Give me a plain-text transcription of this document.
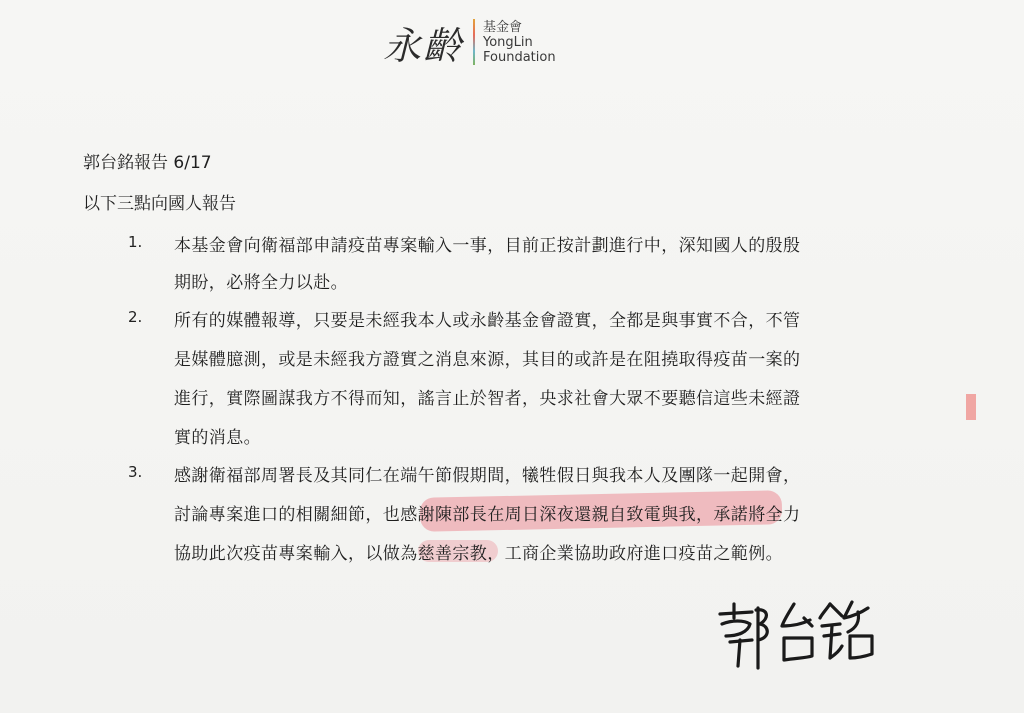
永齡 基金會
YongLin
Foundation
郭台銘報告 6/17
以下三點向國人報告
1. 本基金會向衛福部申請疫苗專案輸入一事，目前正按計劃進行中，深知國人的殷殷
期盼，必將全力以赴。
2. 所有的媒體報導，只要是未經我本人或永齡基金會證實，全都是與事實不合，不管
是媒體臆測，或是未經我方證實之消息來源，其目的或許是在阻撓取得疫苗一案的
進行，實際圖謀我方不得而知，謠言止於智者，央求社會大眾不要聽信這些未經證
實的消息。
3. 感謝衛福部周署長及其同仁在端午節假期間，犧牲假日與我本人及團隊一起開會，
討論專案進口的相關細節，也感謝陳部長在周日深夜還親自致電與我，承諾將全力
協助此次疫苗專案輸入，以做為慈善宗教，工商企業協助政府進口疫苗之範例。
